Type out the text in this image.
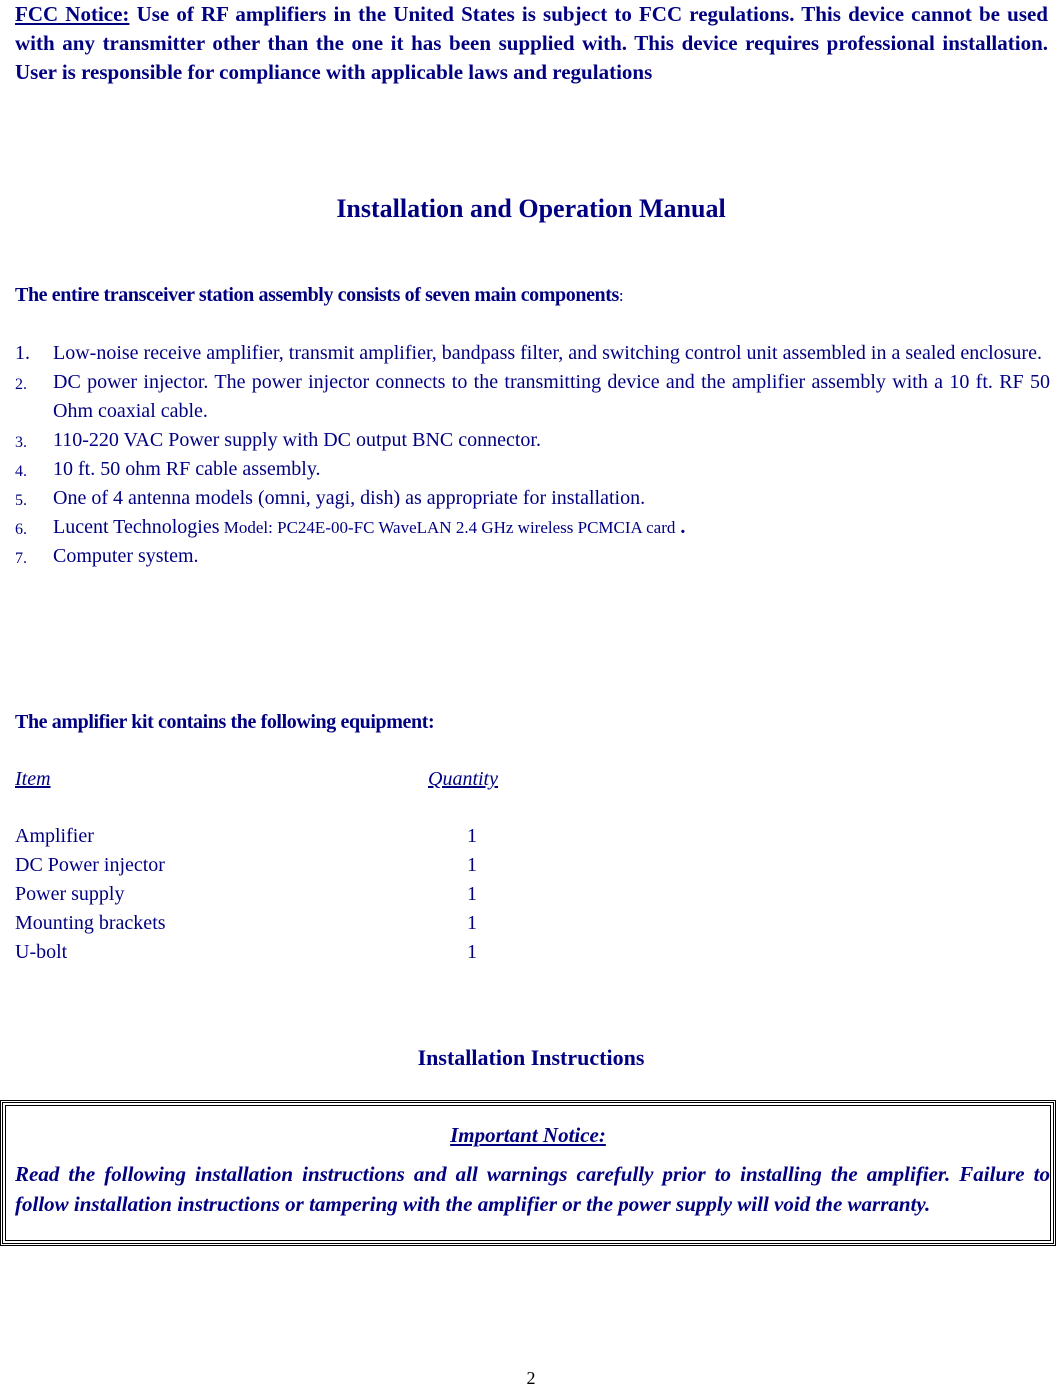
FCC Notice: Use of RF amplifiers in the United States is subject to FCC regulations. This device cannot be used with any transmitter other than the one it has been supplied with. This device requires professional installation. User is responsible for compliance with applicable laws and regulations
Installation and Operation Manual
The entire transceiver station assembly consists of seven main components:
1. Low-noise receive amplifier, transmit amplifier, bandpass filter, and switching control unit assembled in a sealed enclosure.
2. DC power injector. The power injector connects to the transmitting device and the amplifier assembly with a 10 ft. RF 50 Ohm coaxial cable.
3. 110-220 VAC Power supply with DC output BNC connector.
4. 10 ft. 50 ohm RF cable assembly.
5. One of 4 antenna models (omni, yagi, dish) as appropriate for installation.
6. Lucent Technologies Model: PC24E-00-FC WaveLAN 2.4 GHz wireless PCMCIA card .
7. Computer system.
The amplifier kit contains the following equipment:
Item	Quantity
Amplifier	1
DC Power injector	1
Power supply	1
Mounting brackets	1
U-bolt	1
Installation Instructions
Important Notice:
Read the following installation instructions and all warnings carefully prior to installing the amplifier. Failure to follow installation instructions or tampering with the amplifier or the power supply will void the warranty.
2
